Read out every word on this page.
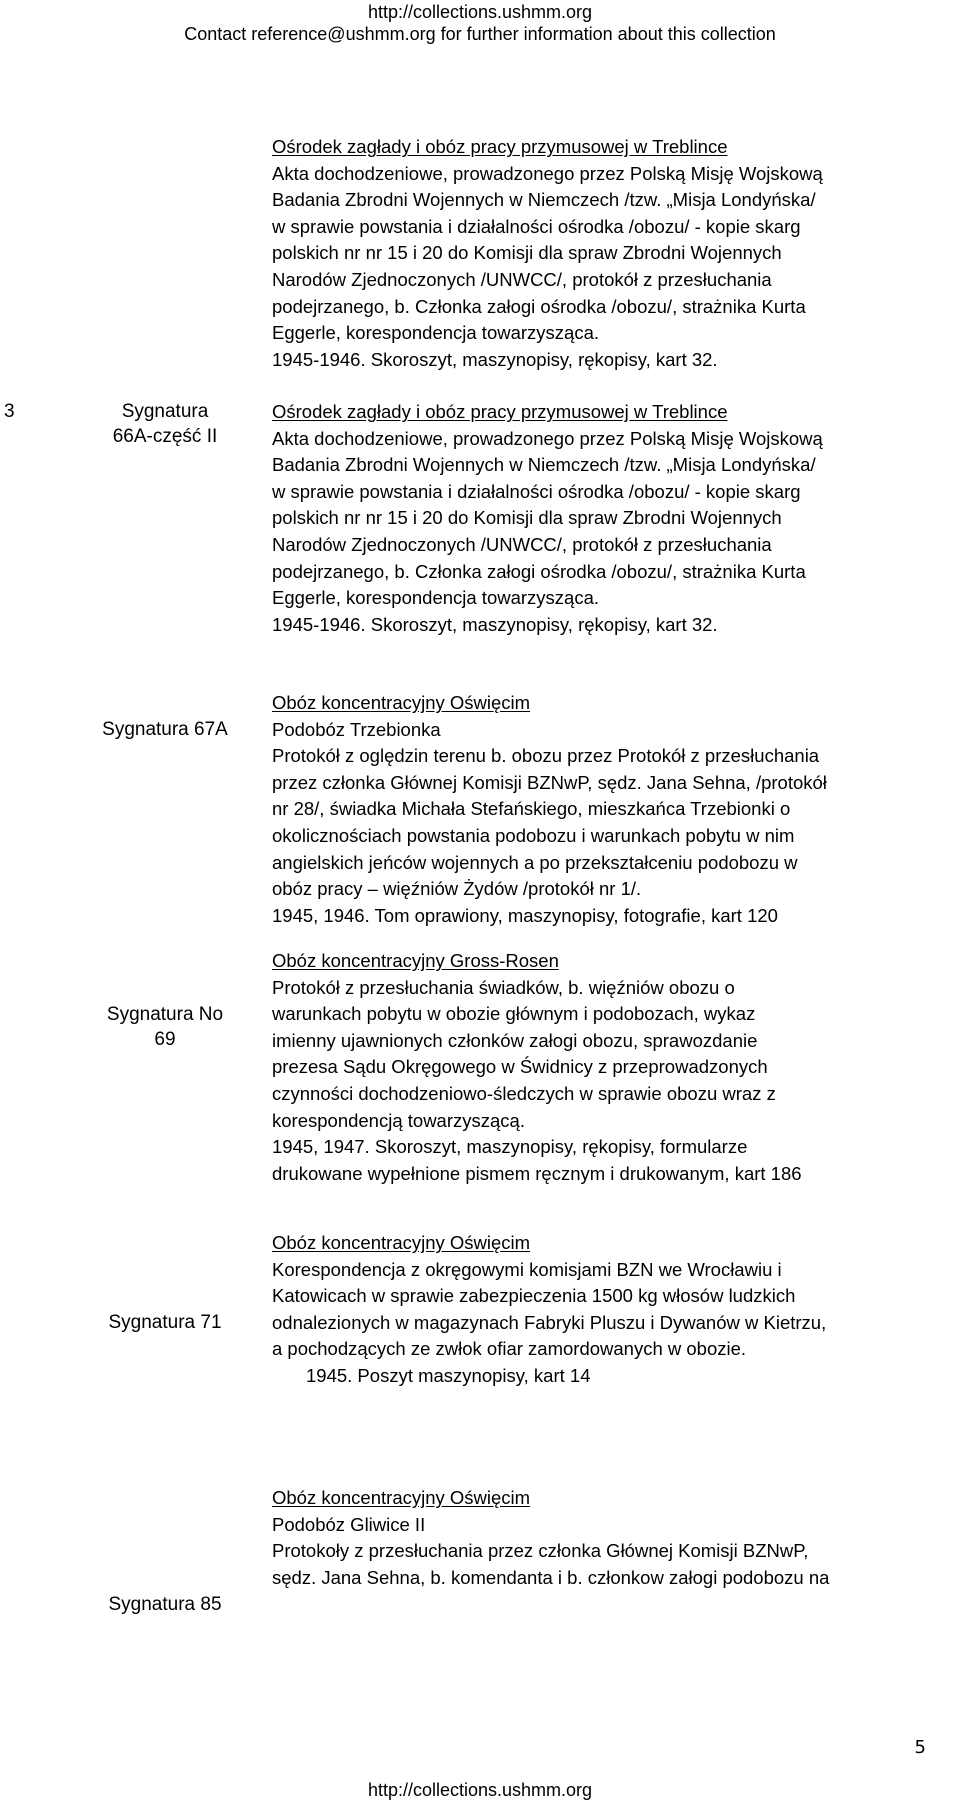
http://collections.ushmm.org
Contact reference@ushmm.org for further information about this collection
Ośrodek zagłady i obóz pracy przymusowej w Treblince
Akta dochodzeniowe, prowadzonego przez Polską Misję Wojskową
Badania Zbrodni Wojennych w Niemczech /tzw. „Misja Londyńska/
w sprawie powstania i działalności ośrodka /obozu/ - kopie skarg
polskich nr nr 15 i 20 do Komisji dla spraw Zbrodni Wojennych
Narodów Zjednoczonych /UNWCC/, protokół z przesłuchania
podejrzanego, b. Członka załogi ośrodka /obozu/, strażnika Kurta
Eggerle, korespondencja towarzysząca.
1945-1946. Skoroszyt, maszynopisy, rękopisy, kart 32.
3	Sygnatura
66A-część II
Ośrodek zagłady i obóz pracy przymusowej w Treblince
Akta dochodzeniowe, prowadzonego przez Polską Misję Wojskową
Badania Zbrodni Wojennych w Niemczech /tzw. „Misja Londyńska/
w sprawie powstania i działalności ośrodka /obozu/ - kopie skarg
polskich nr nr 15 i 20 do Komisji dla spraw Zbrodni Wojennych
Narodów Zjednoczonych /UNWCC/, protokół z przesłuchania
podejrzanego, b. Członka załogi ośrodka /obozu/, strażnika Kurta
Eggerle, korespondencja towarzysząca.
1945-1946. Skoroszyt, maszynopisy, rękopisy, kart 32.
Sygnatura 67A
Obóz koncentracyjny Oświęcim
Podobóz Trzebionka
Protokół z oględzin terenu b. obozu przez Protokół z przesłuchania
przez członka Głównej Komisji BZNwP, sędz. Jana Sehna, /protokół
nr 28/, świadka Michała Stefańskiego, mieszkańca Trzebionki o
okolicznościach powstania podobozu i warunkach pobytu w nim
angielskich jeńców wojennych a po przekształceniu podobozu w
obóz pracy – więźniów Żydów /protokół nr 1/.
1945, 1946. Tom oprawiony, maszynopisy, fotografie, kart 120
Sygnatura No
69
Obóz koncentracyjny Gross-Rosen
Protokół z przesłuchania świadków, b. więźniów obozu o
warunkach pobytu w obozie głównym i podobozach, wykaz
imienny ujawnionych członków załogi obozu, sprawozdanie
prezesa Sądu Okręgowego w Świdnicy z przeprowadzonych
czynności dochodzeniowo-śledczych w sprawie obozu wraz z
korespondencją towarzyszącą.
1945, 1947. Skoroszyt, maszynopisy, rękopisy, formularze
drukowane wypełnione pismem ręcznym i drukowanym, kart 186
Sygnatura 71
Obóz koncentracyjny Oświęcim
Korespondencja z okręgowymi komisjami BZN we Wrocławiu i
Katowicach w sprawie zabezpieczenia 1500 kg włosów ludzkich
odnalezionych w magazynach Fabryki Pluszu i Dywanów w Kietrzu,
a pochodzących ze zwłok ofiar zamordowanych w obozie.
1945. Poszyt maszynopisy, kart 14
Sygnatura 85
Obóz koncentracyjny Oświęcim
Podobóz Gliwice II
Protokoły z przesłuchania przez członka Głównej Komisji BZNwP,
sędz. Jana Sehna, b. komendanta i b. członkow załogi podobozu na
5
http://collections.ushmm.org
